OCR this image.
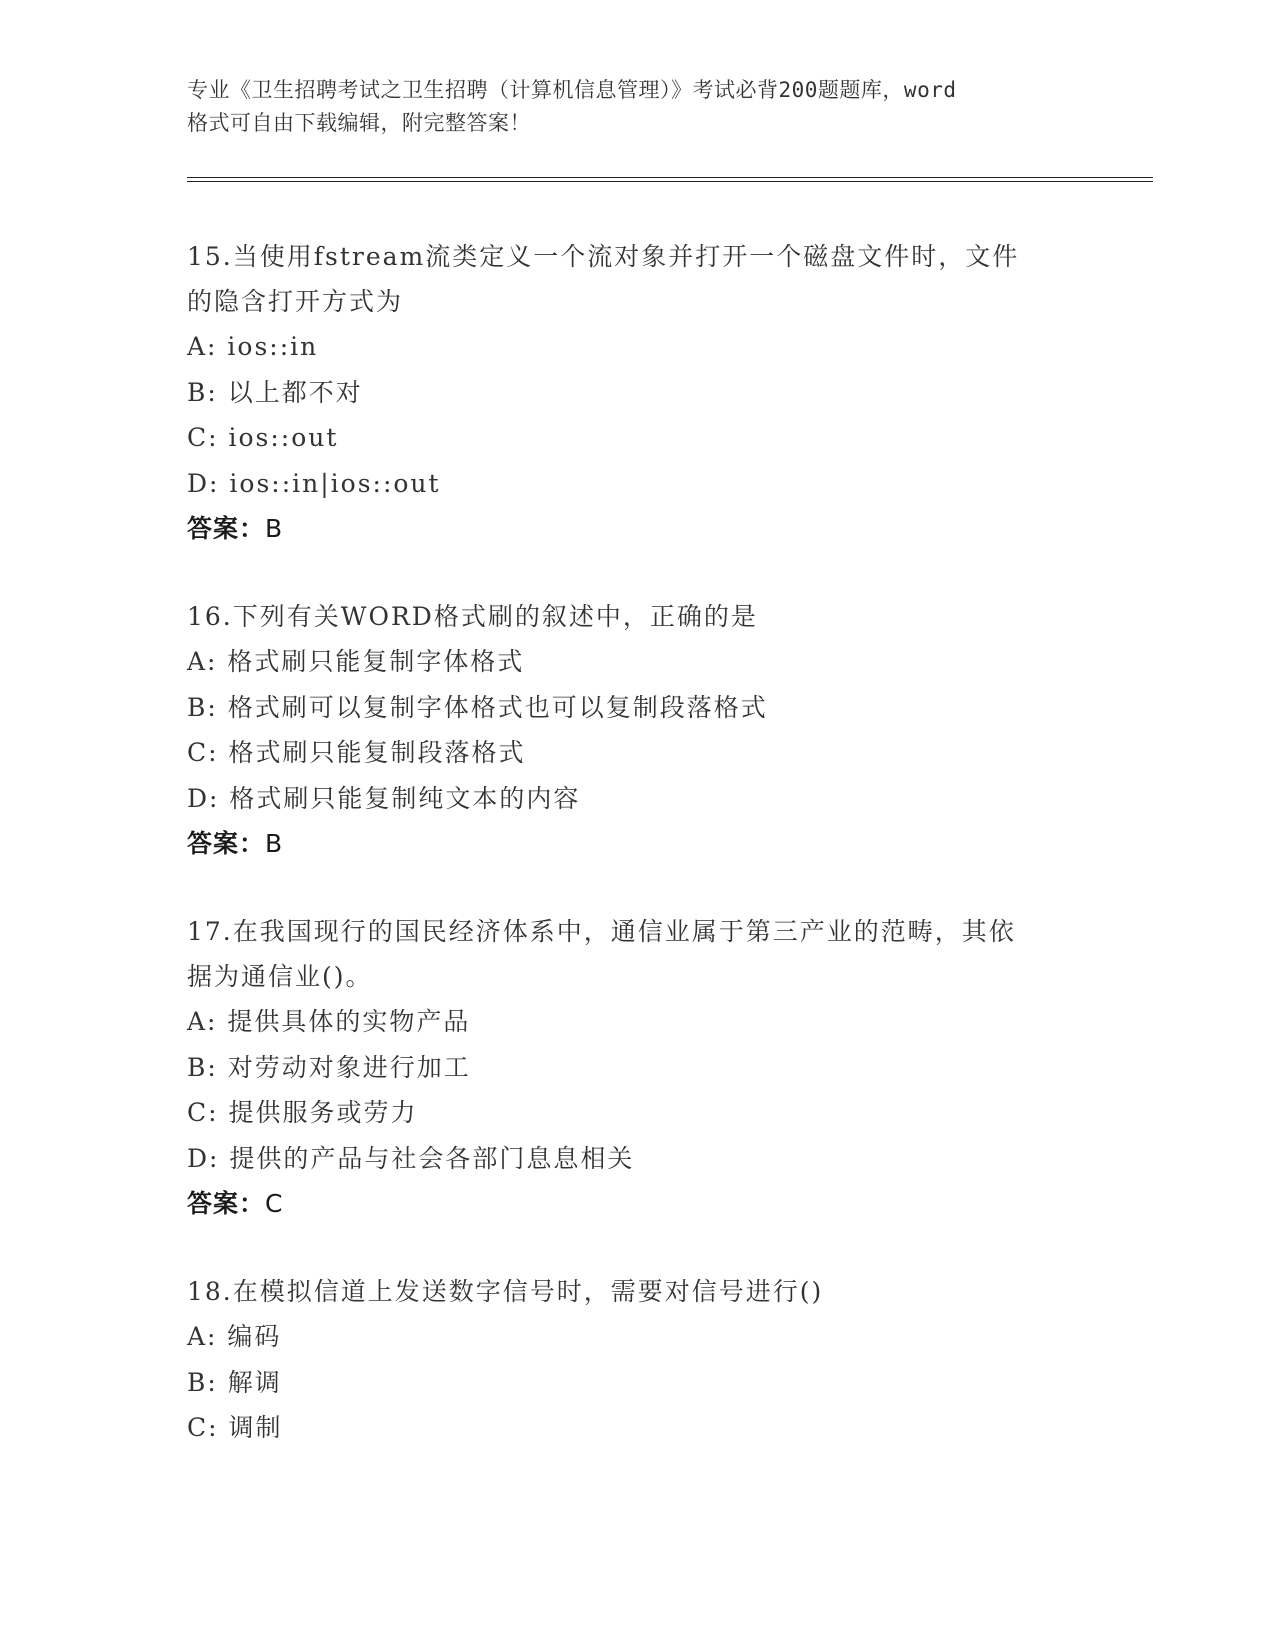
专业《卫生招聘考试之卫生招聘（计算机信息管理）》考试必背200题题库，word
格式可自由下载编辑，附完整答案！
15.当使用fstream流类定义一个流对象并打开一个磁盘文件时，文件
的隐含打开方式为
A: ios::in
B: 以上都不对
C: ios::out
D: ios::in|ios::out
答案：B
16.下列有关WORD格式刷的叙述中，正确的是
A: 格式刷只能复制字体格式
B: 格式刷可以复制字体格式也可以复制段落格式
C: 格式刷只能复制段落格式
D: 格式刷只能复制纯文本的内容
答案：B
17.在我国现行的国民经济体系中，通信业属于第三产业的范畴，其依
据为通信业()。
A: 提供具体的实物产品
B: 对劳动对象进行加工
C: 提供服务或劳力
D: 提供的产品与社会各部门息息相关
答案：C
18.在模拟信道上发送数字信号时，需要对信号进行()
A: 编码
B: 解调
C: 调制
